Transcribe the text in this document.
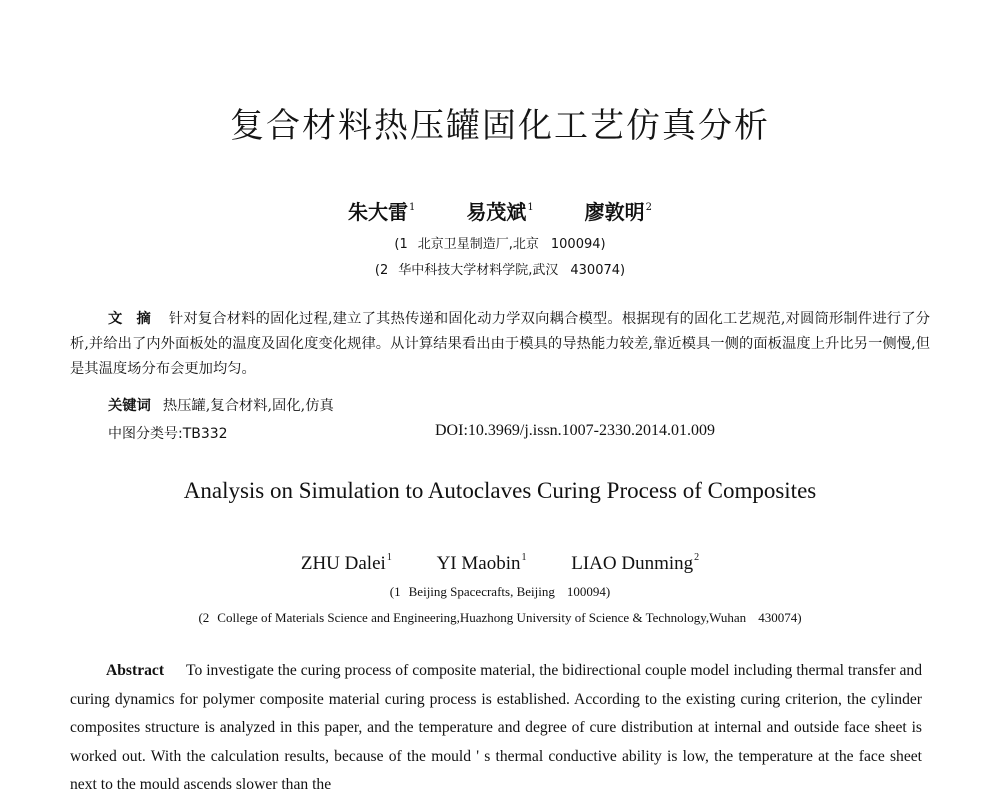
复合材料热压罐固化工艺仿真分析
朱大雷$^1$	易茂斌$^1$	廖敦明$^2$
(1 北京卫星制造厂,北京 100094)
(2 华中科技大学材料学院,武汉 430074)
文摘 针对复合材料的固化过程,建立了其热传递和固化动力学双向耦合模型。根据现有的固化工艺规范,对圆筒形制件进行了分析,并给出了内外面板处的温度及固化度变化规律。从计算结果看出由于模具的导热能力较差,靠近模具一侧的面板温度上升比另一侧慢,但是其温度场分布会更加均匀。
关键词 热压罐,复合材料,固化,仿真
中图分类号:TB332	DOI:10.3969/j.issn.1007-2330.2014.01.009
Analysis on Simulation to Autoclaves Curing Process of Composites
ZHU Dalei$^1$ YI Maobin$^1$ LIAO Dunming$^2$
(1 Beijing Spacecrafts, Beijing 100094)
(2 College of Materials Science and Engineering,Huazhong University of Science & Technology,Wuhan 430074)
Abstract To investigate the curing process of composite material, the bidirectional couple model including thermal transfer and curing dynamics for polymer composite material curing process is established. According to the existing curing criterion, the cylinder composites structure is analyzed in this paper, and the temperature and degree of cure distribution at internal and outside face sheet is worked out. With the calculation results, because of the mould ' s thermal conductive ability is low, the temperature at the face sheet next to the mould ascends slower than the
